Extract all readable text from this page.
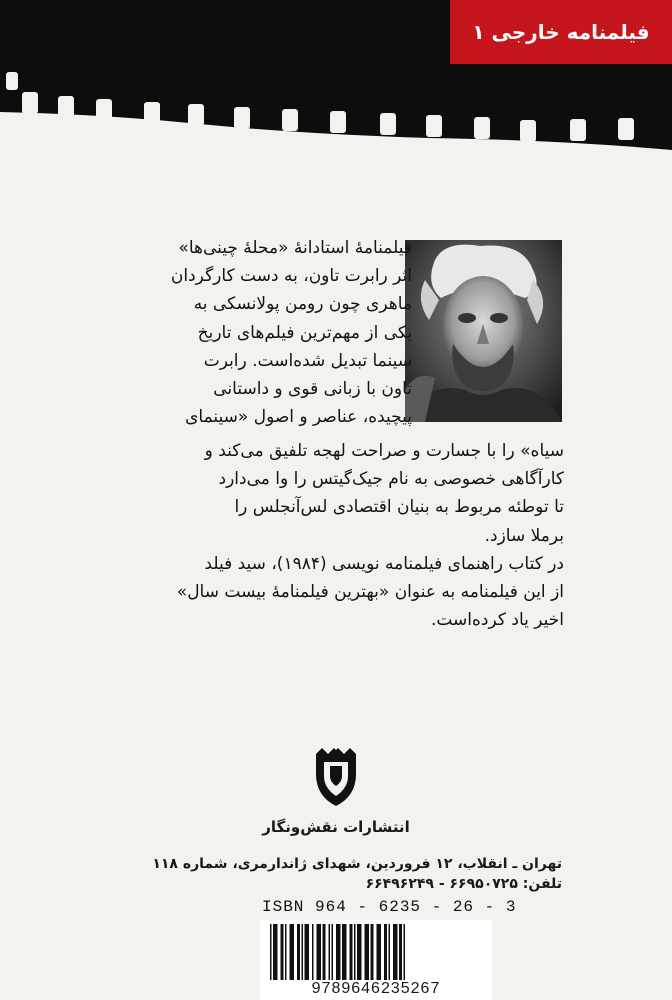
فیلمنامه خارجی ۱
فیلمنامهٔ استادانهٔ «محلهٔ چینی‌ها»
اثر رابرت تاون، به دست کارگردان
ماهری چون رومن پولانسکی به
یکی از مهم‌ترین فیلم‌های تاریخ
سینما تبدیل شده‌است. رابرت
تاون با زبانی قوی و داستانی
پیچیده، عناصر و اصول «سینمای
سیاه» را با جسارت و صراحت لهجه تلفیق می‌کند و
کارآگاهی خصوصی به نام جیک‌گیتس را وا می‌دارد
تا توطئه مربوط به بنیان اقتصادی لس‌آنجلس را
برملا سازد.
در کتاب راهنمای فیلمنامه نویسی (۱۹۸۴)، سید فیلد
از این فیلمنامه به عنوان «بهترین فیلمنامهٔ بیست سال»
اخیر یاد کرده‌است.
انتشارات نقش‌ونگار
تهران ـ انقلاب، ۱۲ فروردین، شهدای ژاندارمری، شماره ۱۱۸
تلفن: ۶۶۹۵۰۷۲۵ - ۶۶۴۹۶۲۴۹
ISBN 964 - 6235 - 26 - 3
9789646235267
